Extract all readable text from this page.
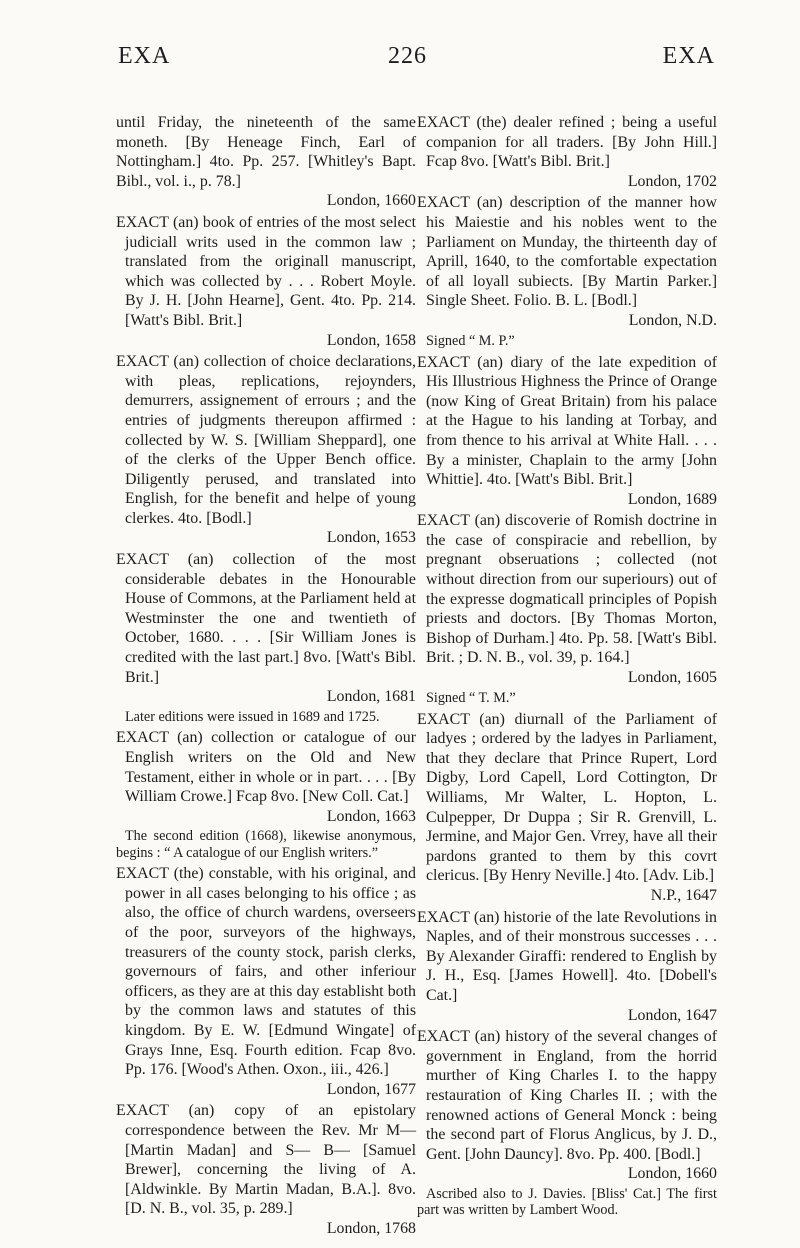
EXA	226	EXA

until Friday, the nineteenth of the same moneth. [By Heneage Finch, Earl of Nottingham.] 4to. Pp. 257. [Whitley's Bapt. Bibl., vol. i., p. 78.]
London, 1660

EXACT (an) book of entries of the most select judiciall writs used in the common law ; translated from the originall manuscript, which was collected by . . . Robert Moyle. By J. H. [John Hearne], Gent. 4to. Pp. 214. [Watt's Bibl. Brit.]
London, 1658

EXACT (an) collection of choice declarations, with pleas, replications, rejoynders, demurrers, assignement of errours ; and the entries of judgments thereupon affirmed : collected by W. S. [William Sheppard], one of the clerks of the Upper Bench office. Diligently perused, and translated into English, for the benefit and helpe of young clerkes. 4to. [Bodl.]
London, 1653

EXACT (an) collection of the most considerable debates in the Honourable House of Commons, at the Parliament held at Westminster the one and twentieth of October, 1680. . . . [Sir William Jones is credited with the last part.] 8vo. [Watt's Bibl. Brit.]
London, 1681

Later editions were issued in 1689 and 1725.

EXACT (an) collection or catalogue of our English writers on the Old and New Testament, either in whole or in part. . . . [By William Crowe.] Fcap 8vo. [New Coll. Cat.]
London, 1663

The second edition (1668), likewise anonymous, begins : “ A catalogue of our English writers.”

EXACT (the) constable, with his original, and power in all cases belonging to his office ; as also, the office of church wardens, overseers of the poor, surveyors of the highways, treasurers of the county stock, parish clerks, governours of fairs, and other inferiour officers, as they are at this day establisht both by the common laws and statutes of this kingdom. By E. W. [Edmund Wingate] of Grays Inne, Esq. Fourth edition. Fcap 8vo. Pp. 176. [Wood's Athen. Oxon., iii., 426.]
London, 1677

EXACT (an) copy of an epistolary correspondence between the Rev. Mr M— [Martin Madan] and S— B— [Samuel Brewer], concerning the living of A. [Aldwinkle. By Martin Madan, B.A.]. 8vo. [D. N. B., vol. 35, p. 289.]
London, 1768

EXACT (the) dealer refined ; being a useful companion for all traders. [By John Hill.] Fcap 8vo. [Watt's Bibl. Brit.]
London, 1702

EXACT (an) description of the manner how his Maiestie and his nobles went to the Parliament on Munday, the thirteenth day of Aprill, 1640, to the comfortable expectation of all loyall subiects. [By Martin Parker.] Single Sheet. Folio. B. L. [Bodl.]
London, N.D.

Signed “ M. P.”

EXACT (an) diary of the late expedition of His Illustrious Highness the Prince of Orange (now King of Great Britain) from his palace at the Hague to his landing at Torbay, and from thence to his arrival at White Hall. . . . By a minister, Chaplain to the army [John Whittie]. 4to. [Watt's Bibl. Brit.]
London, 1689

EXACT (an) discoverie of Romish doctrine in the case of conspiracie and rebellion, by pregnant obseruations ; collected (not without direction from our superiours) out of the expresse dogmaticall principles of Popish priests and doctors. [By Thomas Morton, Bishop of Durham.] 4to. Pp. 58. [Watt's Bibl. Brit. ; D. N. B., vol. 39, p. 164.]
London, 1605

Signed “ T. M.”

EXACT (an) diurnall of the Parliament of ladyes ; ordered by the ladyes in Parliament, that they declare that Prince Rupert, Lord Digby, Lord Capell, Lord Cottington, Dr Williams, Mr Walter, L. Hopton, L. Culpepper, Dr Duppa ; Sir R. Grenvill, L. Jermine, and Major Gen. Vrrey, have all their pardons granted to them by this covrt clericus. [By Henry Neville.] 4to. [Adv. Lib.]
N.P., 1647

EXACT (an) historie of the late Revolutions in Naples, and of their monstrous successes . . . By Alexander Giraffi: rendered to English by J. H., Esq. [James Howell]. 4to. [Dobell's Cat.]
London, 1647

EXACT (an) history of the several changes of government in England, from the horrid murther of King Charles I. to the happy restauration of King Charles II. ; with the renowned actions of General Monck : being the second part of Florus Anglicus, by J. D., Gent. [John Dauncy]. 8vo. Pp. 400. [Bodl.]
London, 1660

Ascribed also to J. Davies. [Bliss' Cat.] The first part was written by Lambert Wood.
